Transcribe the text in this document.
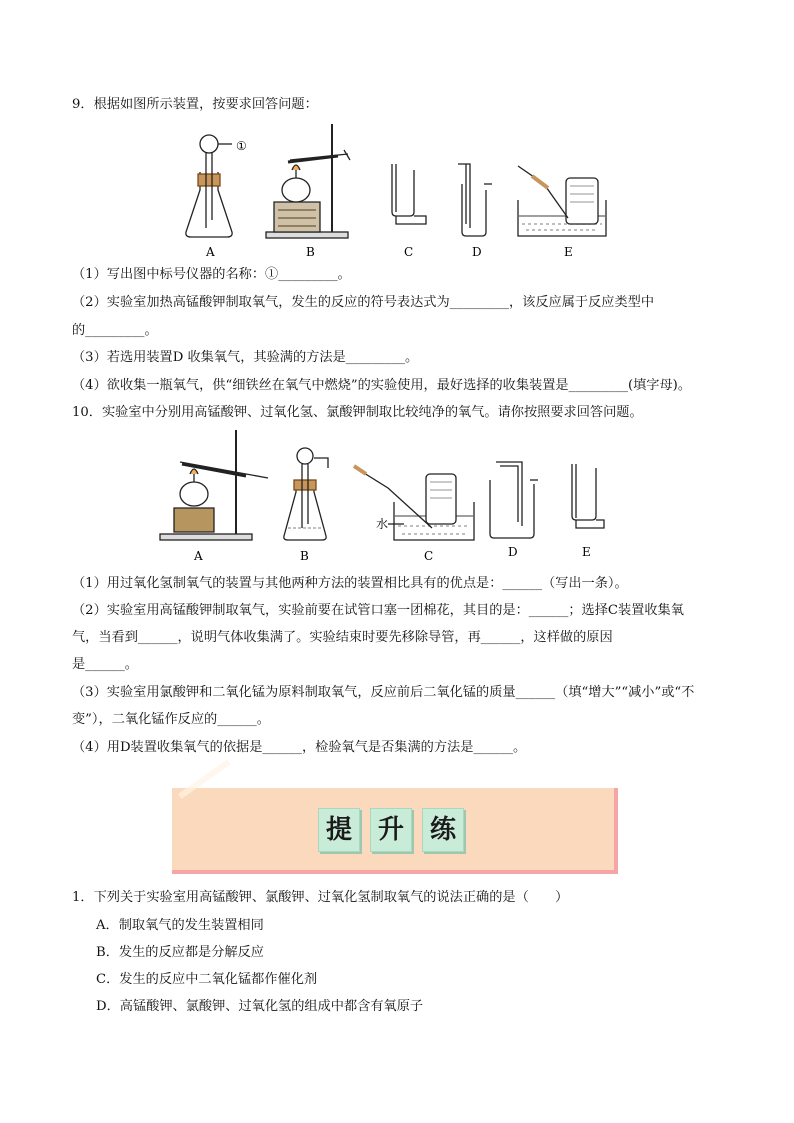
9．根据如图所示装置，按要求回答问题：
①
A	B	C	D	E
（1）写出图中标号仪器的名称：①_________。
（2）实验室加热高锰酸钾制取氧气，发生的反应的符号表达式为_________，该反应属于反应类型中
的_________。
（3）若选用装置D 收集氧气，其验满的方法是_________。
（4）欲收集一瓶氧气，供“细铁丝在氧气中燃烧”的实验使用，最好选择的收集装置是_________(填字母)。
10．实验室中分别用高锰酸钾、过氧化氢、氯酸钾制取比较纯净的氧气。请你按照要求回答问题。
水
A	B	C	D	E
（1）用过氧化氢制氧气的装置与其他两种方法的装置相比具有的优点是：______（写出一条）。
（2）实验室用高锰酸钾制取氧气，实验前要在试管口塞一团棉花，其目的是：______；选择C装置收集氧
气，当看到______，说明气体收集满了。实验结束时要先移除导管，再______，这样做的原因
是______。
（3）实验室用氯酸钾和二氧化锰为原料制取氧气，反应前后二氧化锰的质量______（填“增大”“减小”或“不
变”），二氧化锰作反应的______。
（4）用D装置收集氧气的依据是______，检验氧气是否集满的方法是______。
提 升 练
1．下列关于实验室用高锰酸钾、氯酸钾、过氧化氢制取氧气的说法正确的是（　　）
A．制取氧气的发生装置相同
B．发生的反应都是分解反应
C．发生的反应中二氧化锰都作催化剂
D．高锰酸钾、氯酸钾、过氧化氢的组成中都含有氧原子
